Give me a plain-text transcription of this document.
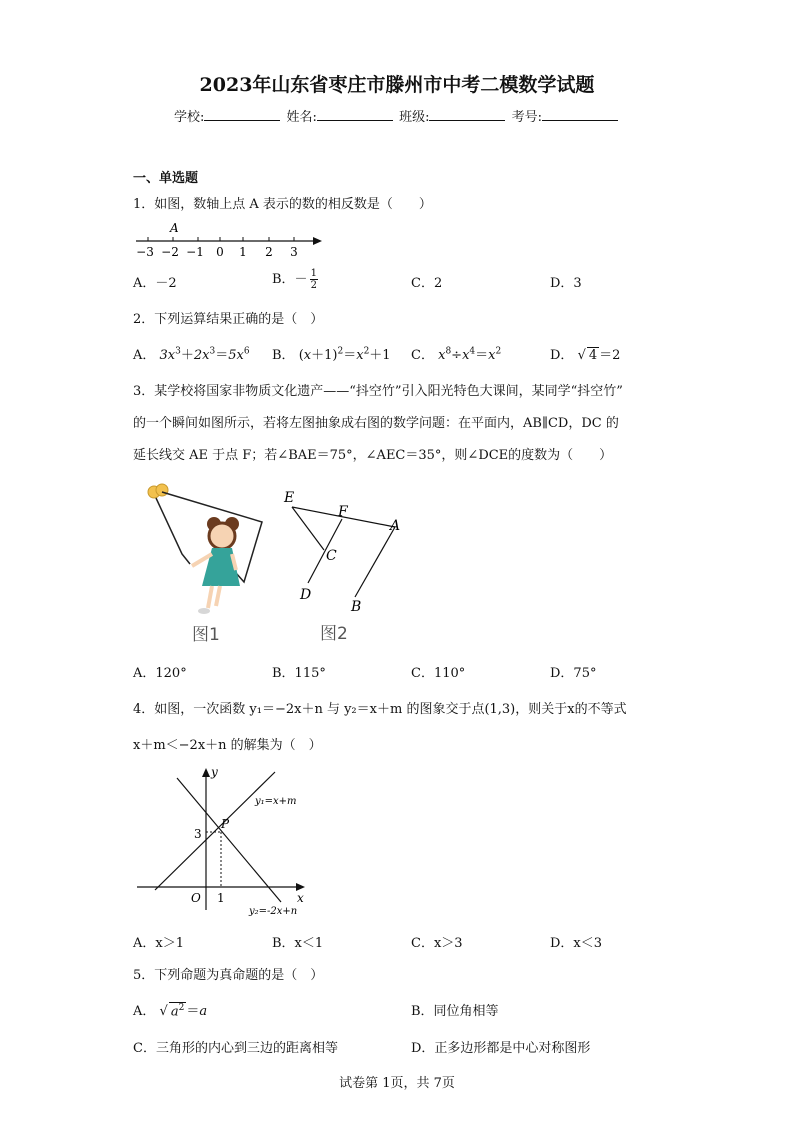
2023年山东省枣庄市滕州市中考二模数学试题
学校:	姓名:	班级:	考号:
一、单选题
1．如图，数轴上点 A 表示的数的相反数是（　　）
A
−3 −2 −1 0 1 2 3
A．－2	B．－ $\frac{1}{2}$	C．2	D．3
2．下列运算结果正确的是（　）
A． $3x^3+2x^3=5x^6$ B． $(x+1)^2=x^2+1$ C． $x^8\div x^4=x^2$	D． √ 4 ＝2
3．某学校将国家非物质文化遗产——“抖空竹”引入阳光特色大课间，某同学“抖空竹”
的一个瞬间如图所示，若将左图抽象成右图的数学问题：在平面内，AB∥CD，DC 的
延长线交 AE 于点 F；若∠BAE＝75°，∠AEC＝35°，则∠DCE的度数为（　　）
图1
E
F
A
C
D
B
图2
A．120°	B．115°	C．110°	D．75°
4．如图，一次函数 y₁＝−2x＋n 与 y₂＝x＋m 的图象交于点(1,3)，则关于x的不等式
x＋m＜−2x＋n 的解集为（　）
y
x
O 1
3
P
y₁=x+m
y₂=-2x+n
A．x＞1	B．x＜1	C．x＞3	D．x＜3
5．下列命题为真命题的是（　）
A． √ $a^2 =a$	B．同位角相等
C．三角形的内心到三边的距离相等	D．正多边形都是中心对称图形
试卷第 1页，共 7页
